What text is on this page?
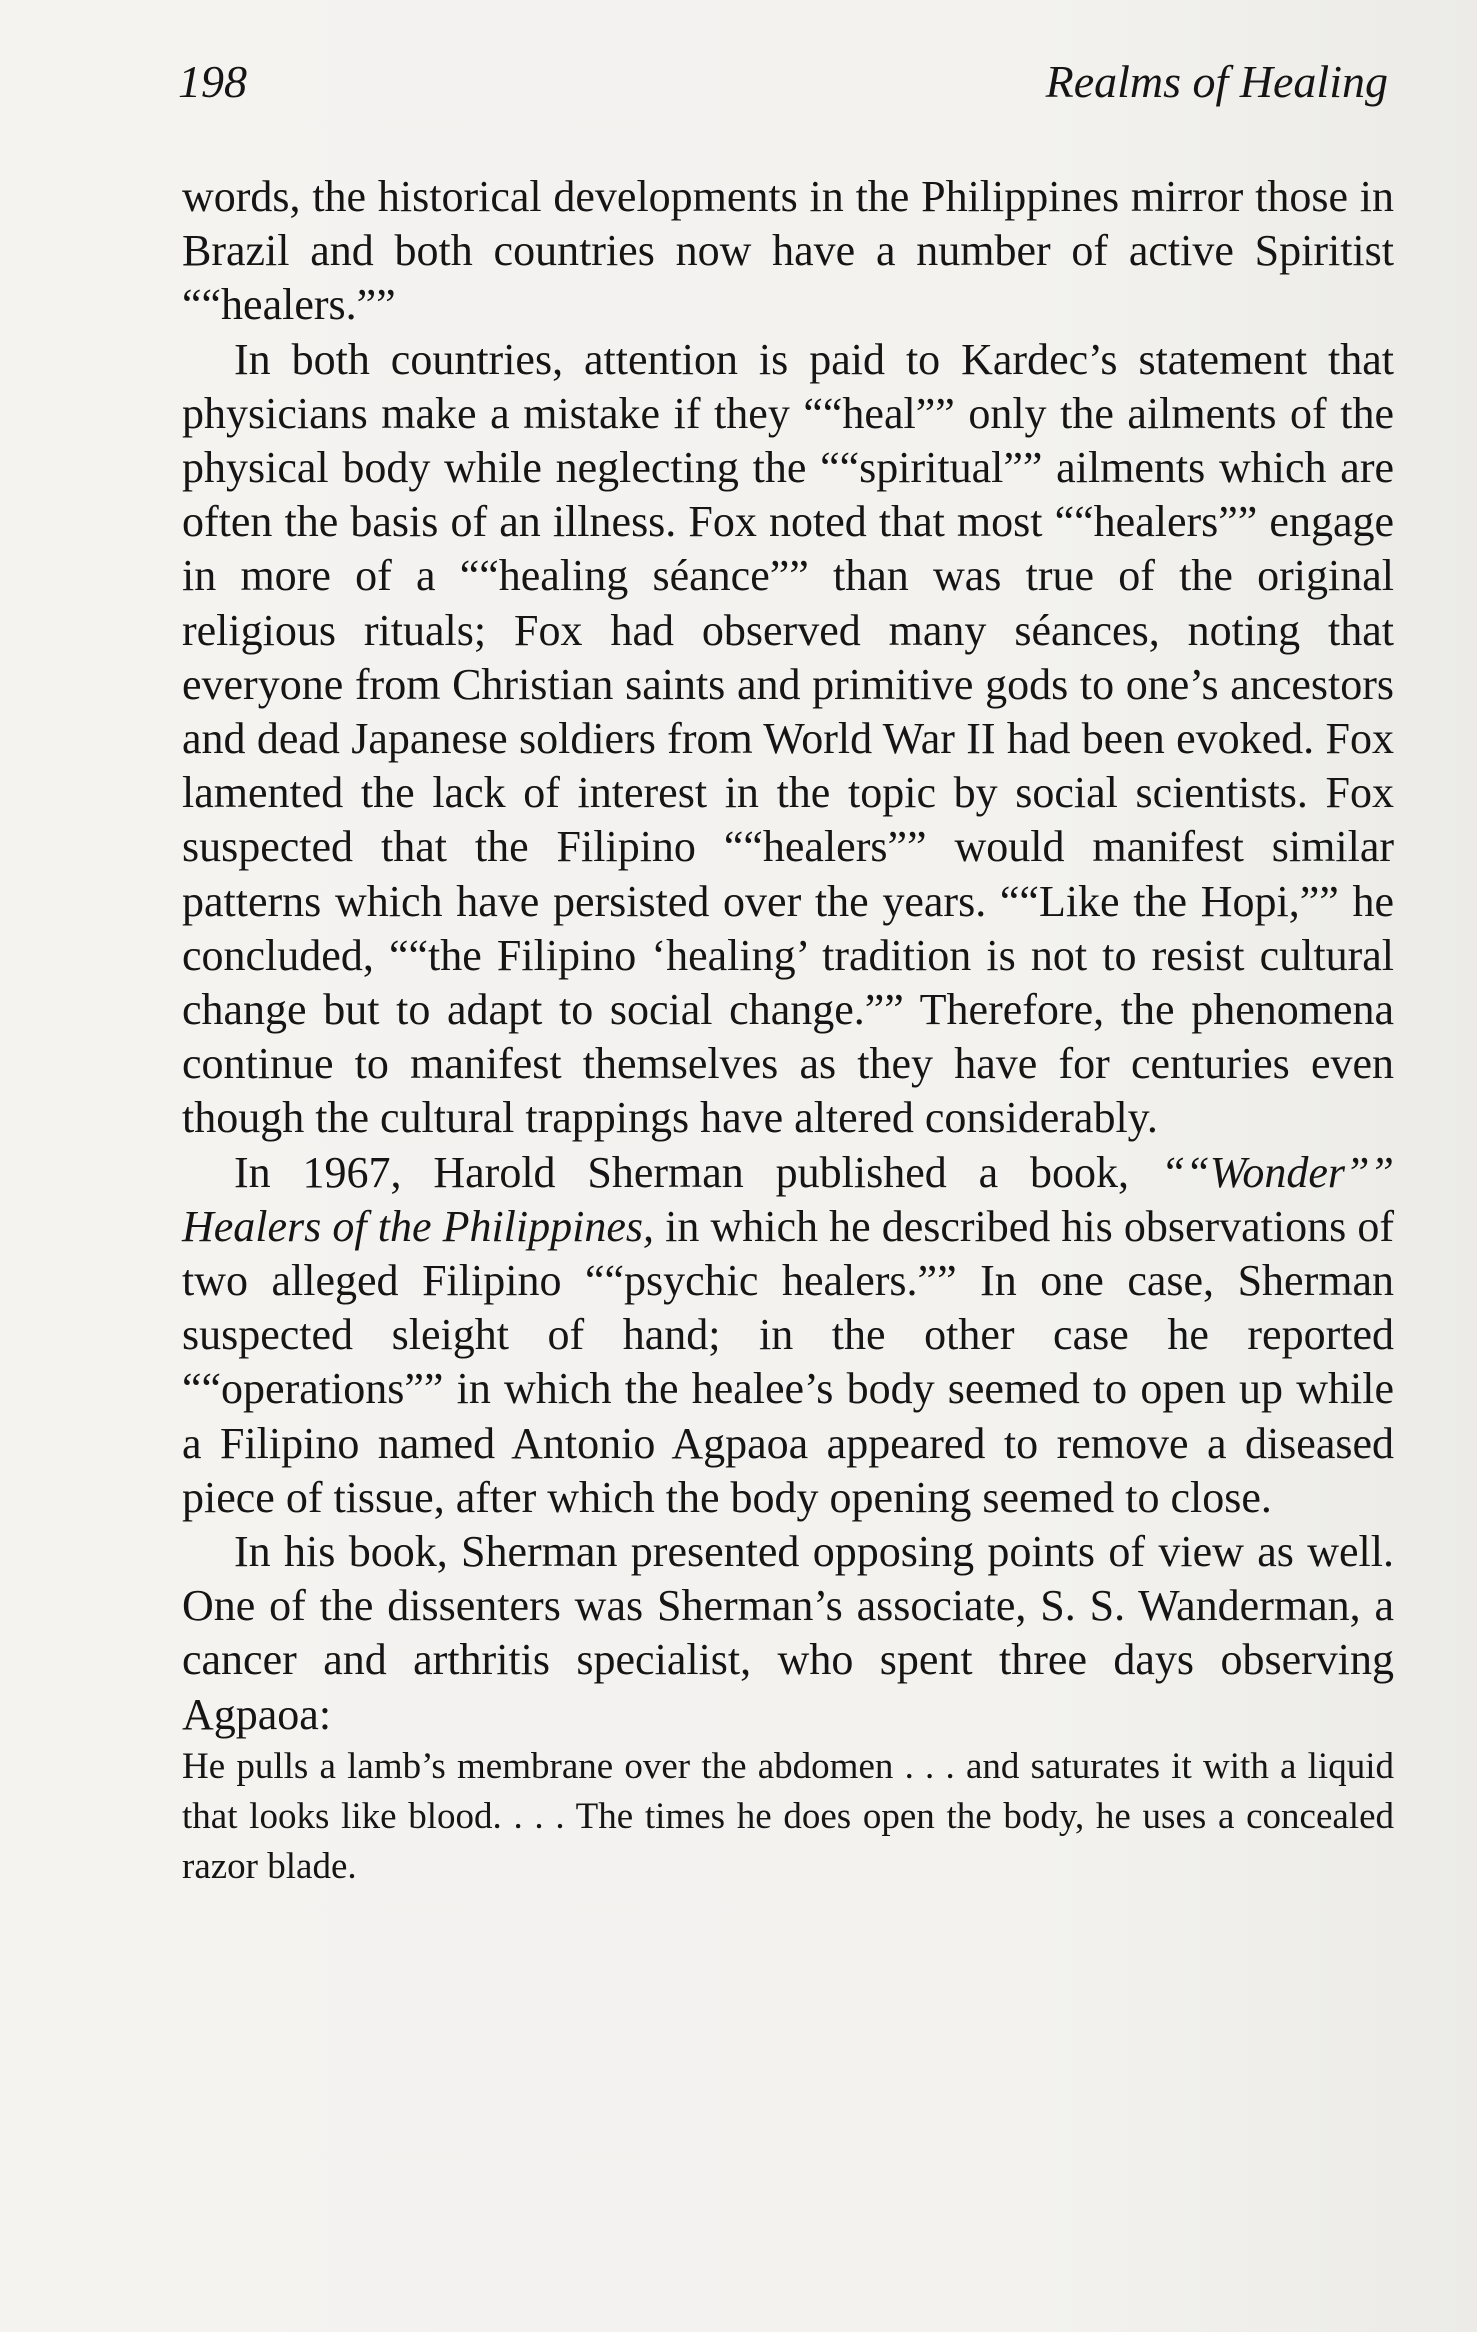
198	Realms of Healing

words, the historical developments in the Philippines mirror those in Brazil and both countries now have a number of active Spiritist ““healers.””

In both countries, attention is paid to Kardec’s statement that physicians make a mistake if they ““heal”” only the ailments of the physical body while neglecting the ““spiritual”” ailments which are often the basis of an illness. Fox noted that most ““healers”” engage in more of a ““healing séance”” than was true of the original religious rituals; Fox had observed many séances, noting that everyone from Christian saints and primitive gods to one’s ancestors and dead Japanese soldiers from World War II had been evoked. Fox lamented the lack of interest in the topic by social scientists. Fox suspected that the Filipino ““healers”” would manifest similar patterns which have persisted over the years. ““Like the Hopi,”” he concluded, ““the Filipino ‘healing’ tradition is not to resist cultural change but to adapt to social change.”” Therefore, the phenomena continue to manifest themselves as they have for centuries even though the cultural trappings have altered considerably.

In 1967, Harold Sherman published a book, ““Wonder”” Healers of the Philippines, in which he described his observations of two alleged Filipino ““psychic healers.”” In one case, Sherman suspected sleight of hand; in the other case he reported ““operations”” in which the healee’s body seemed to open up while a Filipino named Antonio Agpaoa appeared to remove a diseased piece of tissue, after which the body opening seemed to close.

In his book, Sherman presented opposing points of view as well. One of the dissenters was Sherman’s associate, S. S. Wanderman, a cancer and arthritis specialist, who spent three days observing Agpaoa:

He pulls a lamb’s membrane over the abdomen . . . and saturates it with a liquid that looks like blood. . . . The times he does open the body, he uses a concealed razor blade.
